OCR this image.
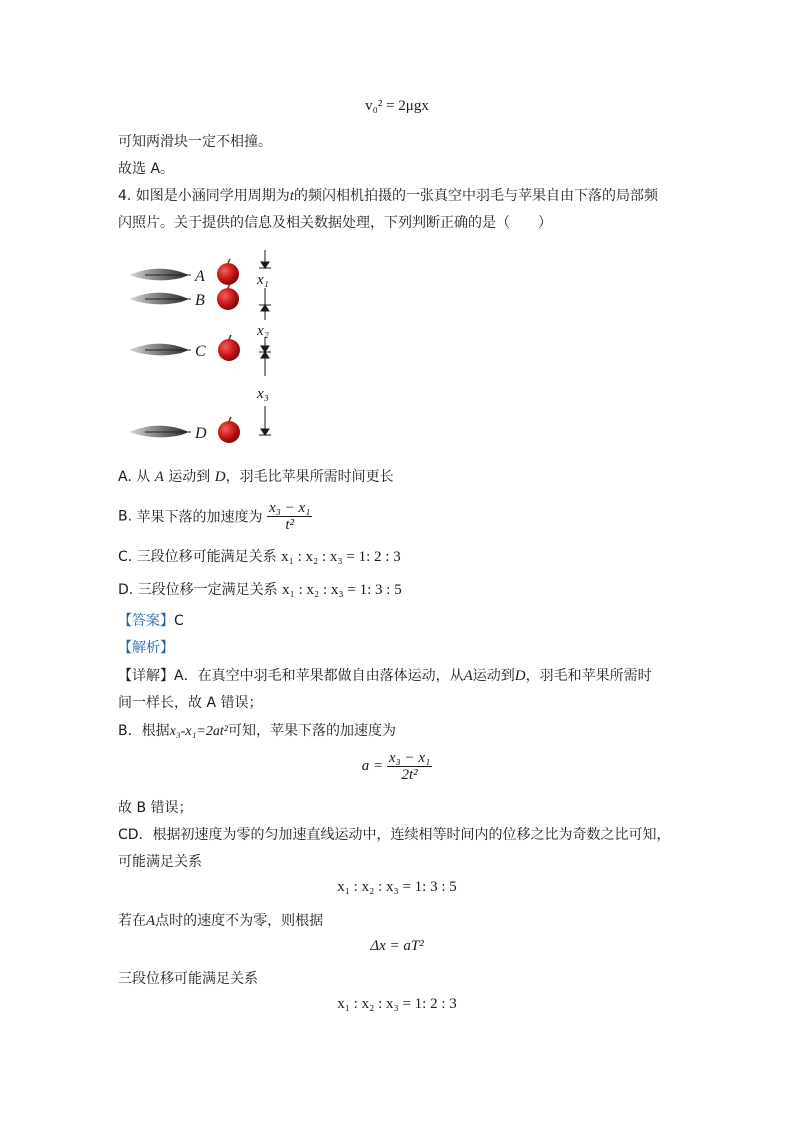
v₀² = 2μgx
可知两滑块一定不相撞。
故选 A。
4. 如图是小涵同学用周期为t的频闪相机拍摄的一张真空中羽毛与苹果自由下落的局部频
闪照片。关于提供的信息及相关数据处理，下列判断正确的是（　　）
A
B
C
D
x₁
x₂
x₃
A. 从 A 运动到 D，羽毛比苹果所需时间更长
B. 苹果下落的加速度为 $\frac{\text{x₃ − x₁}}{\text{t²}}$
C. 三段位移可能满足关系 x₁ : x₂ : x₃ = 1: 2 : 3
D. 三段位移一定满足关系 x₁ : x₂ : x₃ = 1: 3 : 5
【答案】C
【解析】
【详解】A．在真空中羽毛和苹果都做自由落体运动，从A运动到D，羽毛和苹果所需时
间一样长，故 A 错误；
B．根据x₃-x₁=2at²可知，苹果下落的加速度为
$a = \frac{\text{x₃ − x₁}}{\text{2t²}}$
故 B 错误；
CD．根据初速度为零的匀加速直线运动中，连续相等时间内的位移之比为奇数之比可知，
可能满足关系
x₁ : x₂ : x₃ = 1: 3 : 5
若在A点时的速度不为零，则根据
Δx = aT²
三段位移可能满足关系
x₁ : x₂ : x₃ = 1: 2 : 3
